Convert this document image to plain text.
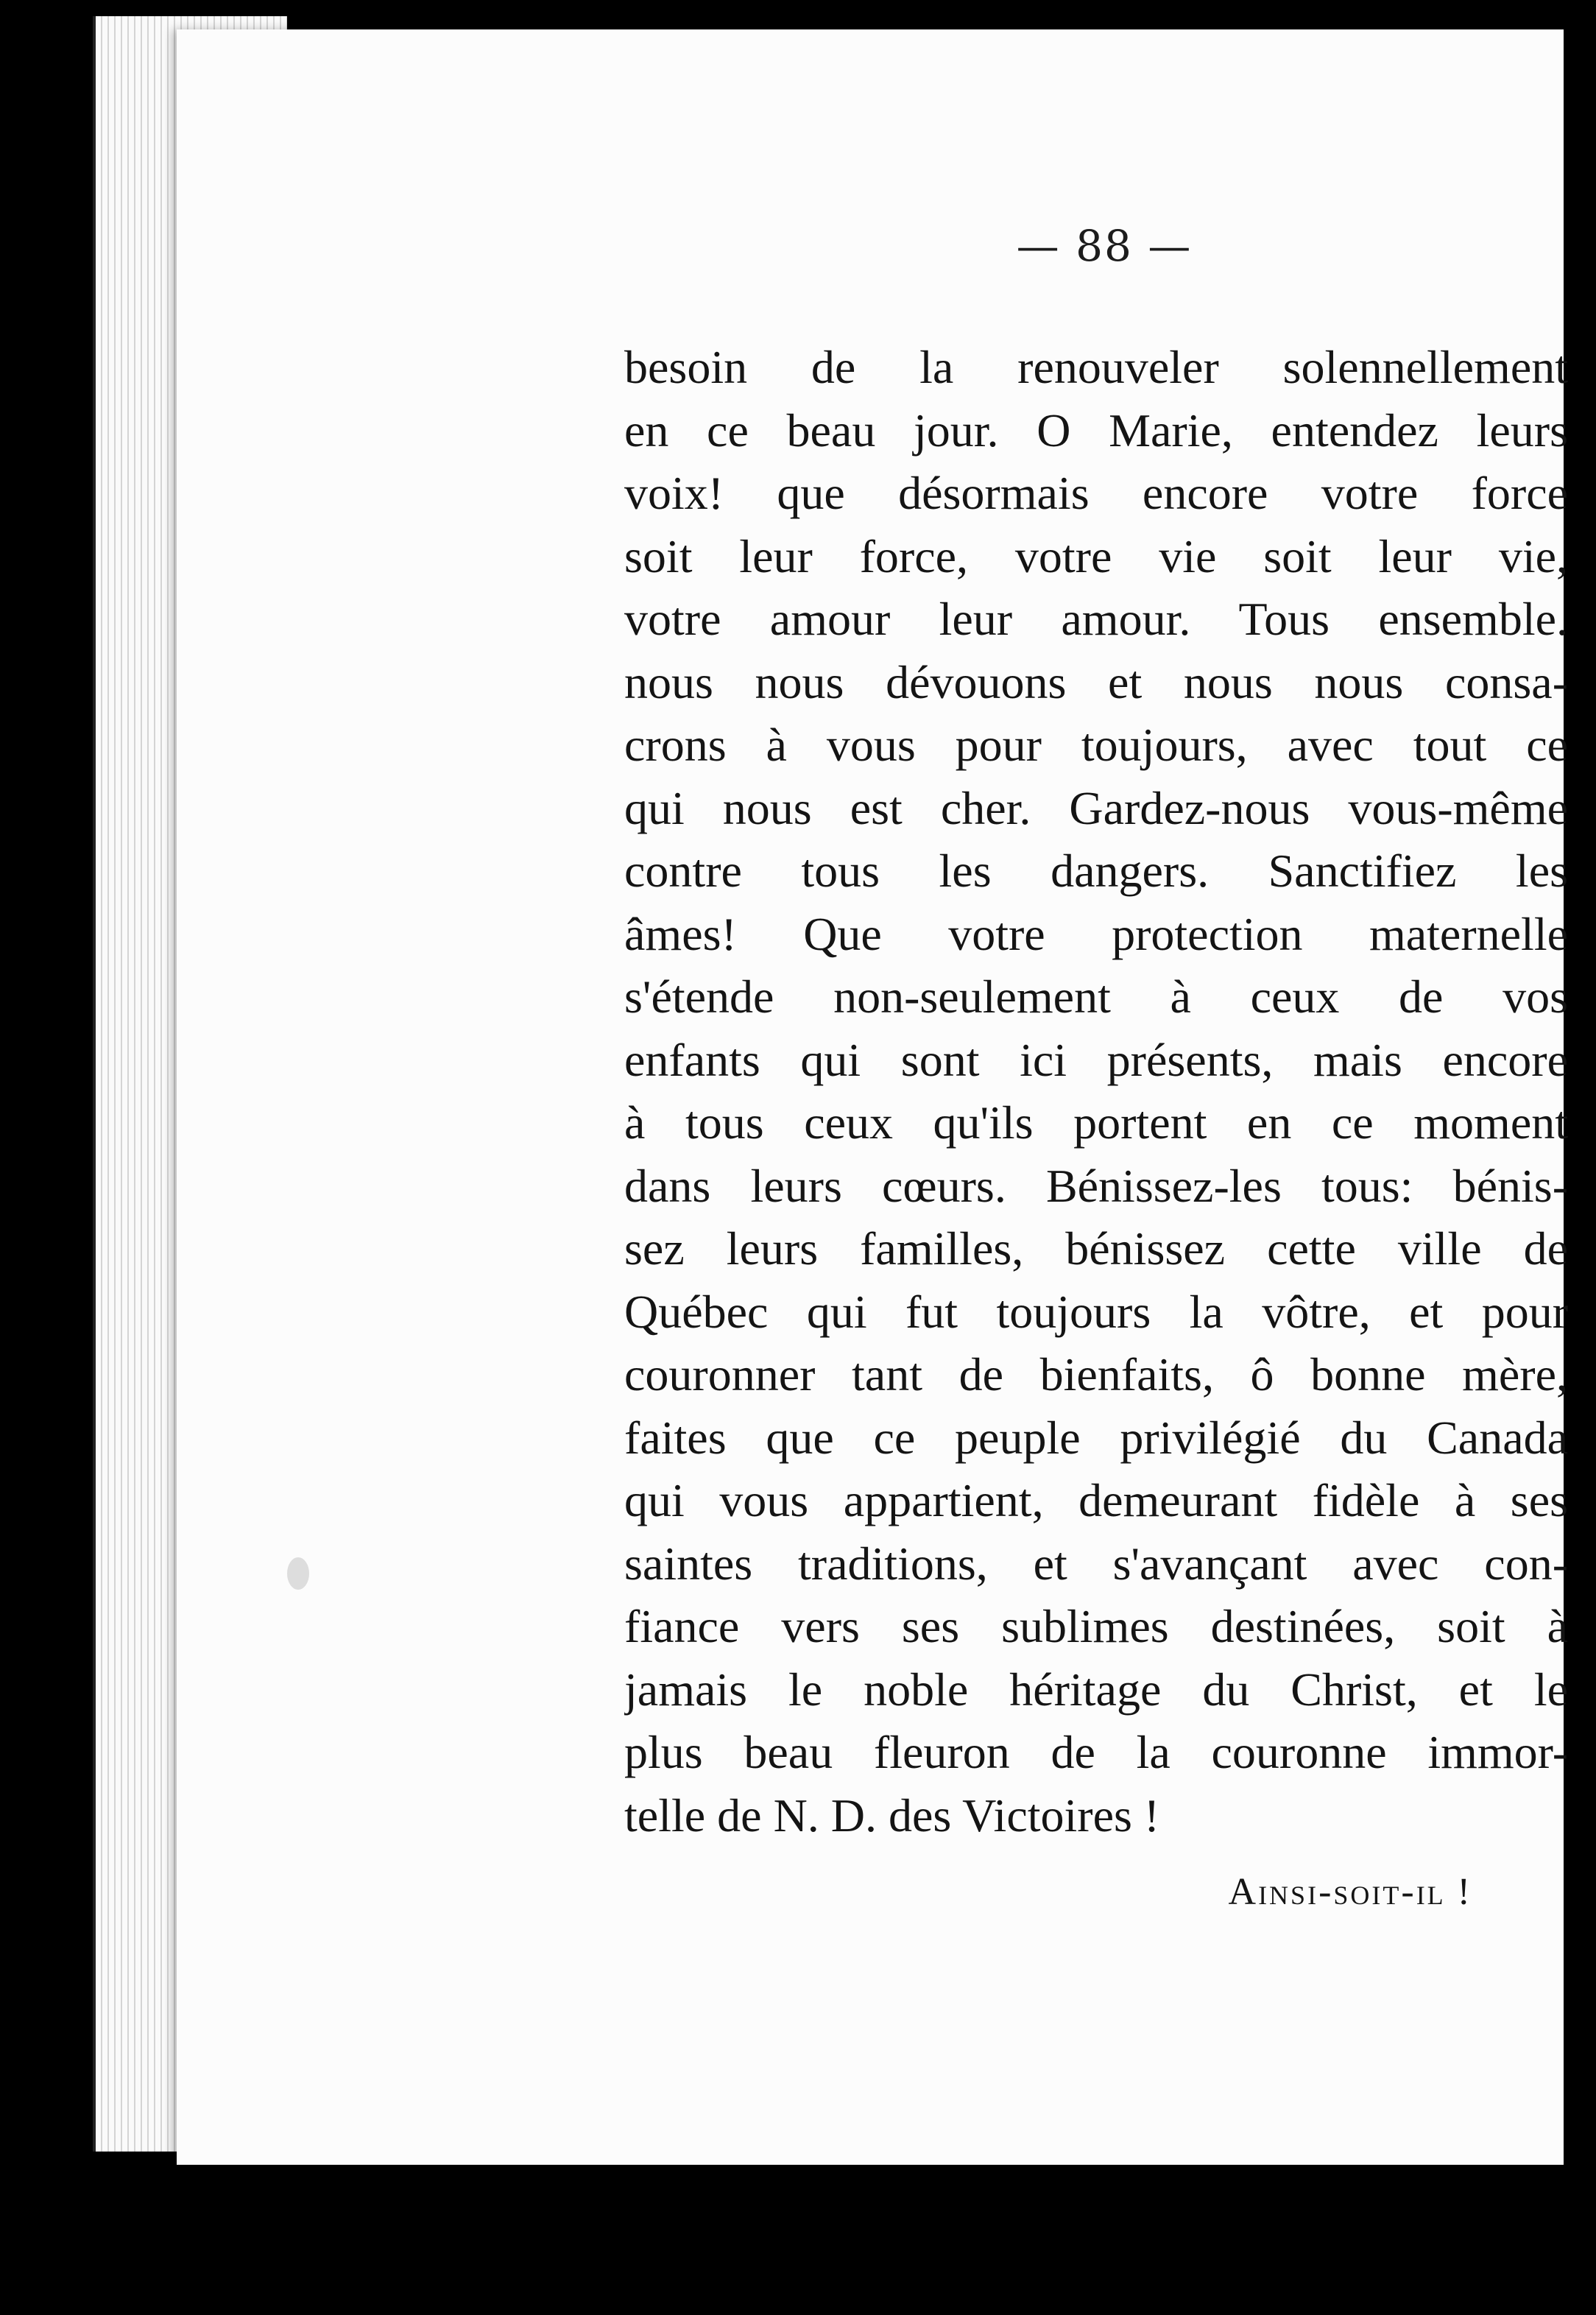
— 88 —
besoin de la renouveler solennellement
en ce beau jour. O Marie, entendez leurs
voix! que désormais encore votre force
soit leur force, votre vie soit leur vie,
votre amour leur amour. Tous ensemble.
nous nous dévouons et nous nous consa-
crons à vous pour toujours, avec tout ce
qui nous est cher. Gardez-nous vous-même
contre tous les dangers. Sanctifiez les
âmes! Que votre protection maternelle
s'étende non-seulement à ceux de vos
enfants qui sont ici présents, mais encore
à tous ceux qu'ils portent en ce moment
dans leurs cœurs. Bénissez-les tous: bénis-
sez leurs familles, bénissez cette ville de
Québec qui fut toujours la vôtre, et pour
couronner tant de bienfaits, ô bonne mère,
faites que ce peuple privilégié du Canada
qui vous appartient, demeurant fidèle à ses
saintes traditions, et s'avançant avec con-
fiance vers ses sublimes destinées, soit à
jamais le noble héritage du Christ, et le
plus beau fleuron de la couronne immor-
telle de N. D. des Victoires !
Ainsi-soit-il !
